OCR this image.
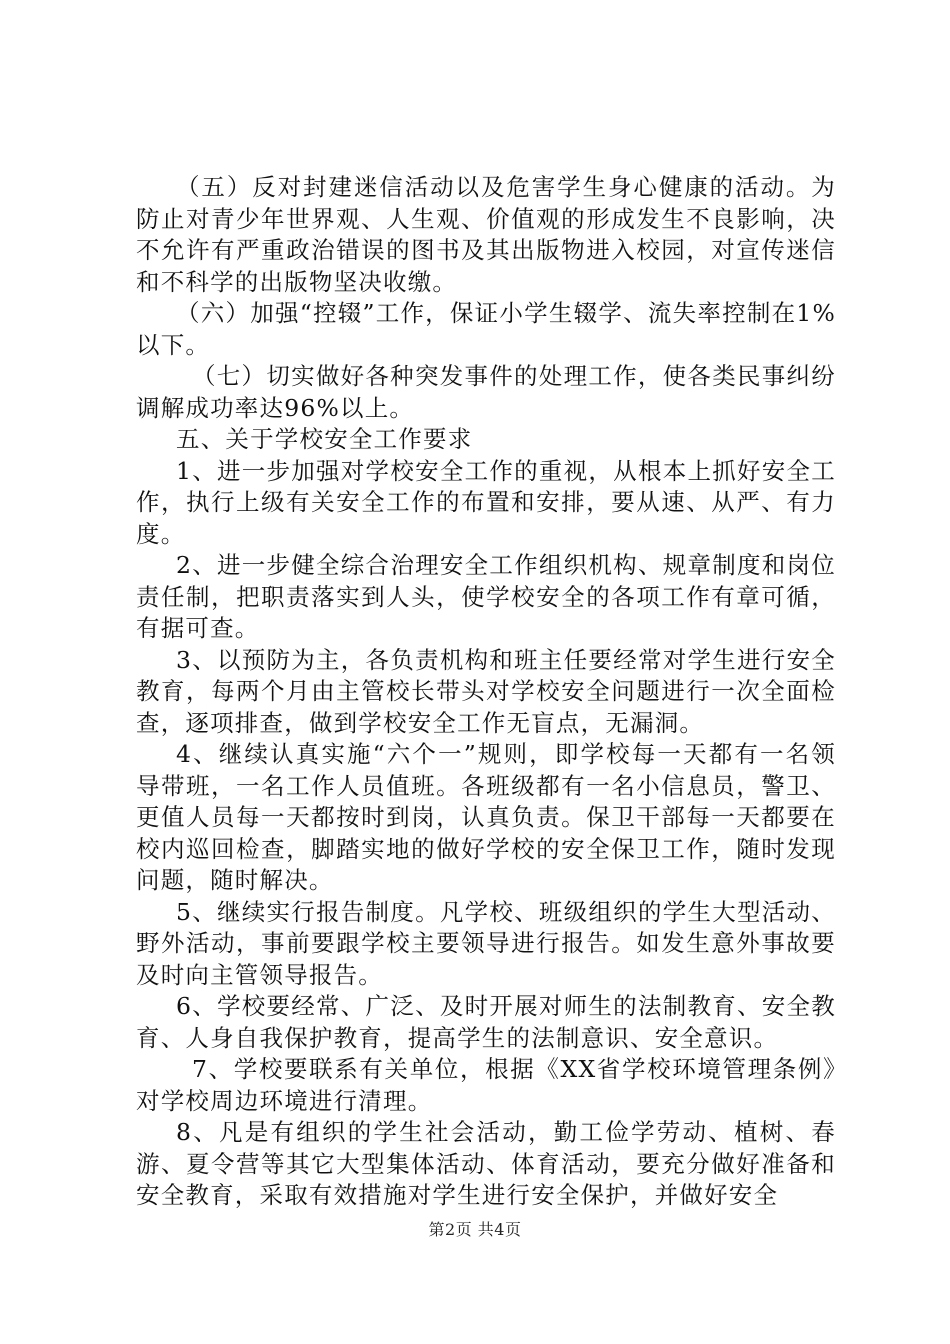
（五）反对封建迷信活动以及危害学生身心健康的活动。为防止对青少年世界观、人生观、价值观的形成发生不良影响，决不允许有严重政治错误的图书及其出版物进入校园，对宣传迷信和不科学的出版物坚决收缴。

（六）加强“控辍”工作，保证小学生辍学、流失率控制在1%以下。

（七）切实做好各种突发事件的处理工作，使各类民事纠纷调解成功率达96%以上。

五、关于学校安全工作要求

1、进一步加强对学校安全工作的重视，从根本上抓好安全工作，执行上级有关安全工作的布置和安排，要从速、从严、有力度。

2、进一步健全综合治理安全工作组织机构、规章制度和岗位责任制，把职责落实到人头，使学校安全的各项工作有章可循，有据可查。

3、以预防为主，各负责机构和班主任要经常对学生进行安全教育，每两个月由主管校长带头对学校安全问题进行一次全面检查，逐项排查，做到学校安全工作无盲点，无漏洞。

4、继续认真实施“六个一”规则，即学校每一天都有一名领导带班，一名工作人员值班。各班级都有一名小信息员，警卫、更值人员每一天都按时到岗，认真负责。保卫干部每一天都要在校内巡回检查，脚踏实地的做好学校的安全保卫工作，随时发现问题，随时解决。

5、继续实行报告制度。凡学校、班级组织的学生大型活动、野外活动，事前要跟学校主要领导进行报告。如发生意外事故要及时向主管领导报告。

6、学校要经常、广泛、及时开展对师生的法制教育、安全教育、人身自我保护教育，提高学生的法制意识、安全意识。

7、学校要联系有关单位，根据《XX省学校环境管理条例》对学校周边环境进行清理。

8、凡是有组织的学生社会活动，勤工俭学劳动、植树、春游、夏令营等其它大型集体活动、体育活动，要充分做好准备和安全教育，采取有效措施对学生进行安全保护，并做好安全

第2页 共4页
